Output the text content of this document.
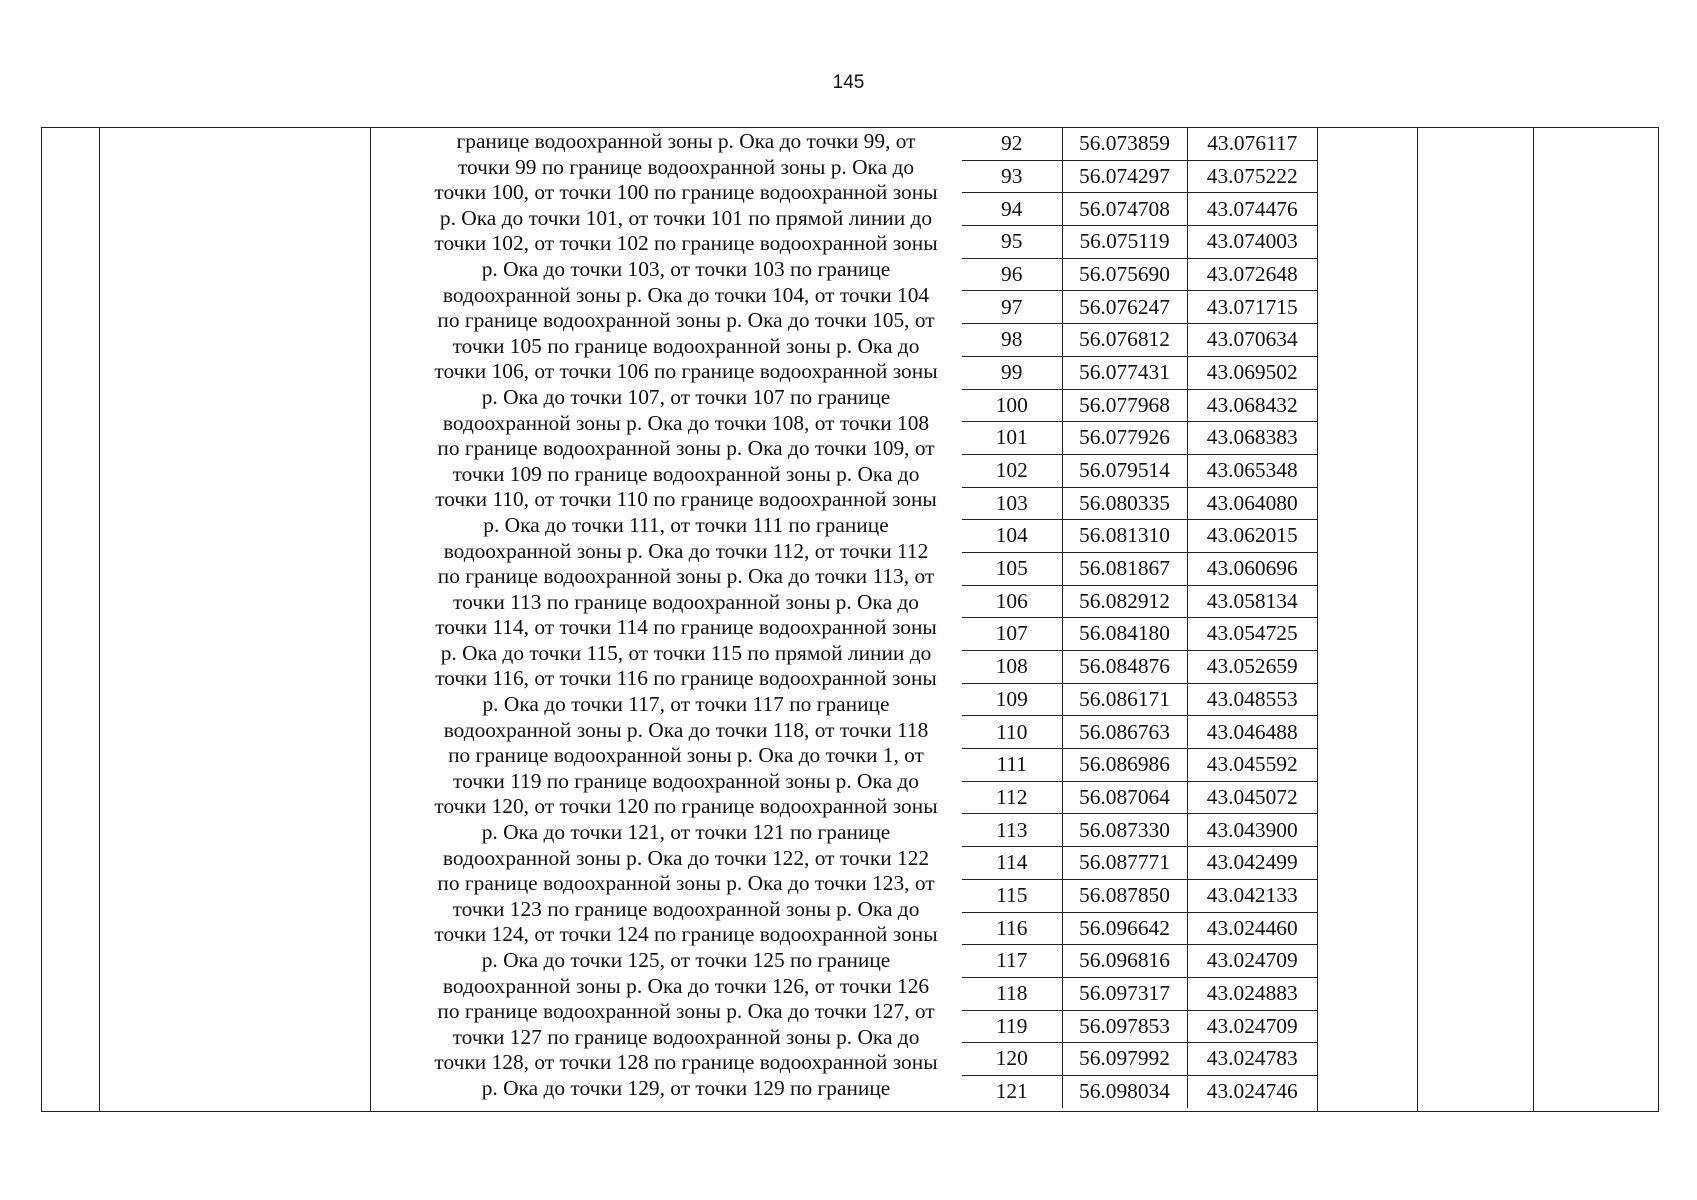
145
границе водоохранной зоны р. Ока до точки 99, от
точки 99 по границе водоохранной зоны р. Ока до
точки 100, от точки 100 по границе водоохранной зоны
р. Ока до точки 101, от точки 101 по прямой линии до
точки 102, от точки 102 по границе водоохранной зоны
р. Ока до точки 103, от точки 103 по границе
водоохранной зоны р. Ока до точки 104, от точки 104
по границе водоохранной зоны р. Ока до точки 105, от
точки 105 по границе водоохранной зоны р. Ока до
точки 106, от точки 106 по границе водоохранной зоны
р. Ока до точки 107, от точки 107 по границе
водоохранной зоны р. Ока до точки 108, от точки 108
по границе водоохранной зоны р. Ока до точки 109, от
точки 109 по границе водоохранной зоны р. Ока до
точки 110, от точки 110 по границе водоохранной зоны
р. Ока до точки 111, от точки 111 по границе
водоохранной зоны р. Ока до точки 112, от точки 112
по границе водоохранной зоны р. Ока до точки 113, от
точки 113 по границе водоохранной зоны р. Ока до
точки 114, от точки 114 по границе водоохранной зоны
р. Ока до точки 115, от точки 115 по прямой линии до
точки 116, от точки 116 по границе водоохранной зоны
р. Ока до точки 117, от точки 117 по границе
водоохранной зоны р. Ока до точки 118, от точки 118
по границе водоохранной зоны р. Ока до точки 1, от
точки 119 по границе водоохранной зоны р. Ока до
точки 120, от точки 120 по границе водоохранной зоны
р. Ока до точки 121, от точки 121 по границе
водоохранной зоны р. Ока до точки 122, от точки 122
по границе водоохранной зоны р. Ока до точки 123, от
точки 123 по границе водоохранной зоны р. Ока до
точки 124, от точки 124 по границе водоохранной зоны
р. Ока до точки 125, от точки 125 по границе
водоохранной зоны р. Ока до точки 126, от точки 126
по границе водоохранной зоны р. Ока до точки 127, от
точки 127 по границе водоохранной зоны р. Ока до
точки 128, от точки 128 по границе водоохранной зоны
р. Ока до точки 129, от точки 129 по границе
92	56.073859	43.076117
93	56.074297	43.075222
94	56.074708	43.074476
95	56.075119	43.074003
96	56.075690	43.072648
97	56.076247	43.071715
98	56.076812	43.070634
99	56.077431	43.069502
100	56.077968	43.068432
101	56.077926	43.068383
102	56.079514	43.065348
103	56.080335	43.064080
104	56.081310	43.062015
105	56.081867	43.060696
106	56.082912	43.058134
107	56.084180	43.054725
108	56.084876	43.052659
109	56.086171	43.048553
110	56.086763	43.046488
111	56.086986	43.045592
112	56.087064	43.045072
113	56.087330	43.043900
114	56.087771	43.042499
115	56.087850	43.042133
116	56.096642	43.024460
117	56.096816	43.024709
118	56.097317	43.024883
119	56.097853	43.024709
120	56.097992	43.024783
121	56.098034	43.024746
